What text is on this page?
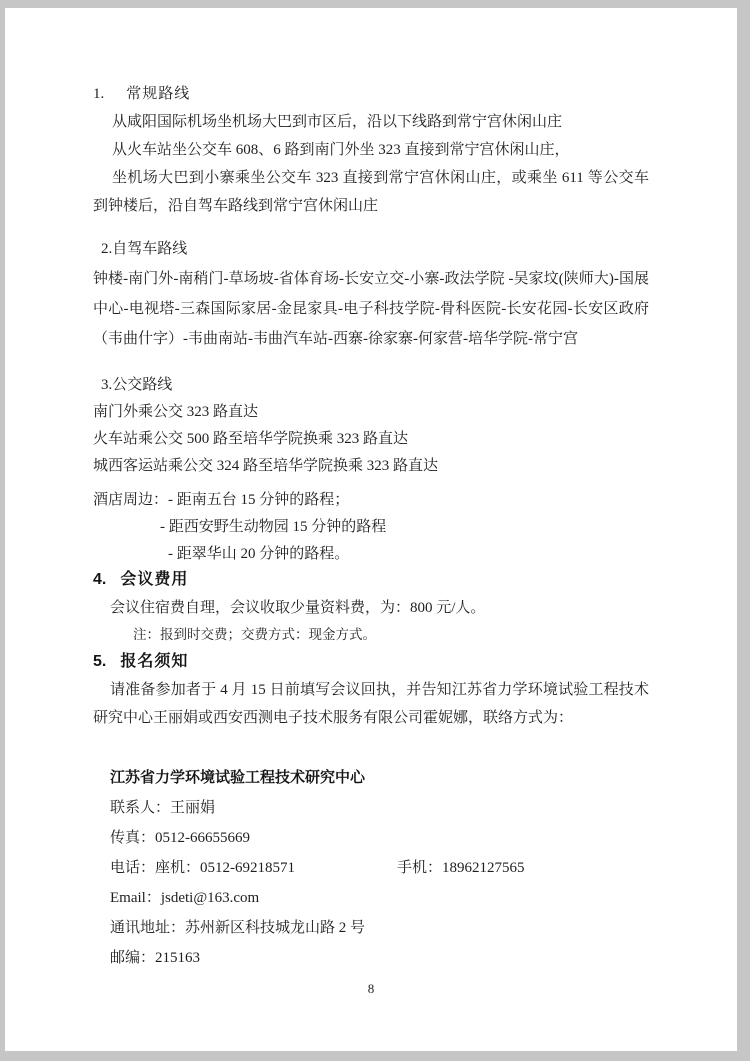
1. 常规路线

从咸阳国际机场坐机场大巴到市区后，沿以下线路到常宁宫休闲山庄

从火车站坐公交车 608、6 路到南门外坐 323 直接到常宁宫休闲山庄，

坐机场大巴到小寨乘坐公交车 323 直接到常宁宫休闲山庄，或乘坐 611 等公交车到钟楼后，沿自驾车路线到常宁宫休闲山庄

2.自驾车路线

钟楼-南门外-南稍门-草场坡-省体育场-长安立交-小寨-政法学院 -吴家坟(陕师大)-国展中心-电视塔-三森国际家居-金昆家具-电子科技学院-骨科医院-长安花园-长安区政府（韦曲什字）-韦曲南站-韦曲汽车站-西寨-徐家寨-何家营-培华学院-常宁宫

3.公交路线

南门外乘公交 323 路直达

火车站乘公交 500 路至培华学院换乘 323 路直达

城西客运站乘公交 324 路至培华学院换乘 323 路直达

酒店周边：- 距南五台 15 分钟的路程；

- 距西安野生动物园 15 分钟的路程

- 距翠华山 20 分钟的路程。

4. 会议费用

会议住宿费自理，会议收取少量资料费，为：800 元/人。

注：报到时交费；交费方式：现金方式。

5. 报名须知

请准备参加者于 4 月 15 日前填写会议回执，并告知江苏省力学环境试验工程技术研究中心王丽娟或西安西测电子技术服务有限公司霍妮娜，联络方式为：

江苏省力学环境试验工程技术研究中心

联系人：王丽娟

传真：0512-66655669

电话：座机：0512-69218571	手机：18962127565

Email：jsdeti@163.com

通讯地址：苏州新区科技城龙山路 2 号

邮编：215163

8
